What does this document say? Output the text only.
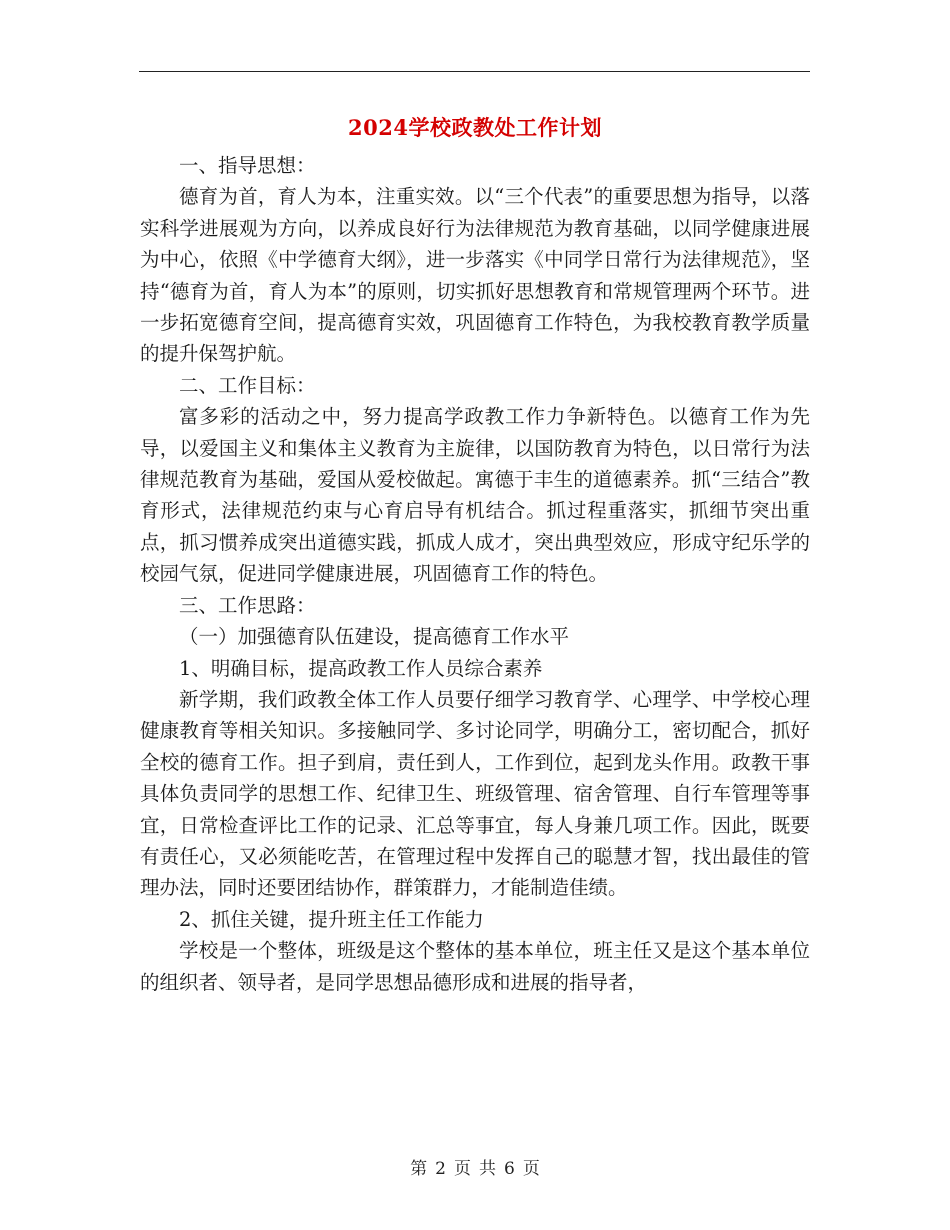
2024学校政教处工作计划

一、指导思想：

德育为首，育人为本，注重实效。以“三个代表”的重要思想为指导，以落实科学进展观为方向，以养成良好行为法律规范为教育基础，以同学健康进展为中心，依照《中学德育大纲》，进一步落实《中同学日常行为法律规范》，坚持“德育为首，育人为本”的原则，切实抓好思想教育和常规管理两个环节。进一步拓宽德育空间，提高德育实效，巩固德育工作特色，为我校教育教学质量的提升保驾护航。

二、工作目标：

富多彩的活动之中，努力提高学政教工作力争新特色。以德育工作为先导，以爱国主义和集体主义教育为主旋律，以国防教育为特色，以日常行为法律规范教育为基础，爱国从爱校做起。寓德于丰生的道德素养。抓“三结合”教育形式，法律规范约束与心育启导有机结合。抓过程重落实，抓细节突出重点，抓习惯养成突出道德实践，抓成人成才，突出典型效应，形成守纪乐学的校园气氛，促进同学健康进展，巩固德育工作的特色。

三、工作思路：

（一）加强德育队伍建设，提高德育工作水平

1、明确目标，提高政教工作人员综合素养

新学期，我们政教全体工作人员要仔细学习教育学、心理学、中学校心理健康教育等相关知识。多接触同学、多讨论同学，明确分工，密切配合，抓好全校的德育工作。担子到肩，责任到人，工作到位，起到龙头作用。政教干事具体负责同学的思想工作、纪律卫生、班级管理、宿舍管理、自行车管理等事宜，日常检查评比工作的记录、汇总等事宜，每人身兼几项工作。因此，既要有责任心，又必须能吃苦，在管理过程中发挥自己的聪慧才智，找出最佳的管理办法，同时还要团结协作，群策群力，才能制造佳绩。

2、抓住关键，提升班主任工作能力

学校是一个整体，班级是这个整体的基本单位，班主任又是这个基本单位的组织者、领导者，是同学思想品德形成和进展的指导者，

第 2 页 共 6 页
